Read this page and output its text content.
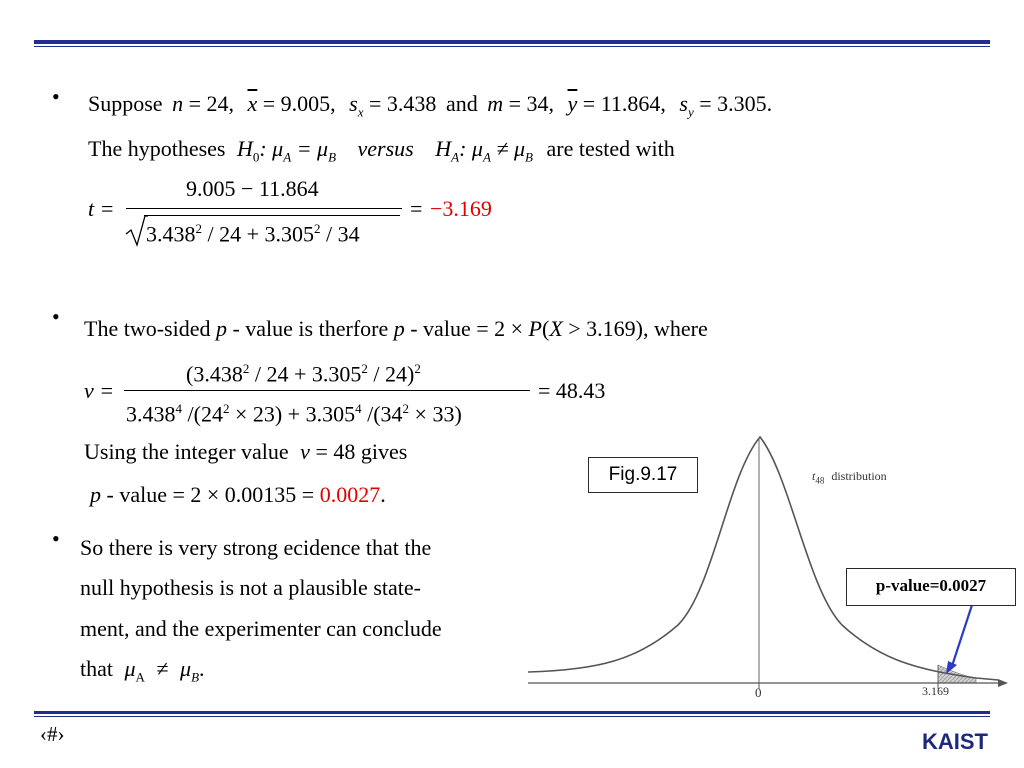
• Suppose n = 24, $\overline{x} = 9.005$, $s_x = 3.438$ and m = 34, $\overline{y} = 11.864$, $s_y = 3.305$.
The hypotheses $H_0$: $\mu_A = \mu_B$ versus $H_A$: $\mu_A \ne \mu_B$ are tested with
t =
9.005 − 11.864
$3.438^2 / 24 + 3.305^2 / 34$
= −3.169
• The two-sided p - value is therfore p - value = 2 × P(X > 3.169), where
ν =
$(3.438^2 / 24 + 3.305^2 / 24)^2$
3.438$^4$ $/(24^2 \times 23) + 3.305^4$ $/(34^2 \times 33)$
= 48.43
Using the integer value ν = 48 gives
p - value = 2 × 0.00135 = 0.0027.
• So there is very strong ecidence that the
null hypothesis is not a plausible state-
ment, and the experimenter can conclude
that $\mu_A \ne \mu_B$.
$t_{48}$ distribution
0	3.169
Fig.9.17
p-value=0.0027
‹#›	KAIST
